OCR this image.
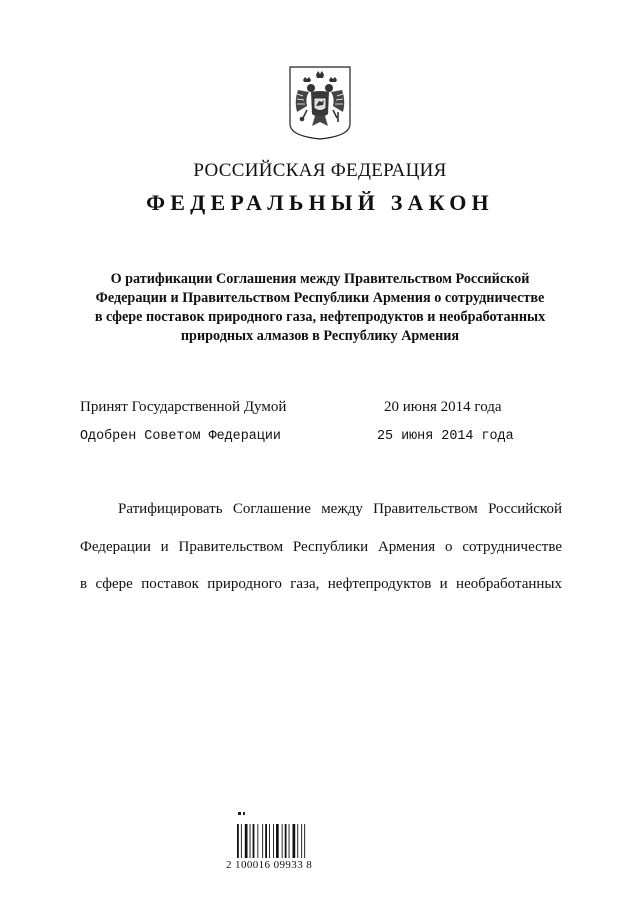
РОССИЙСКАЯ ФЕДЕРАЦИЯ
ФЕДЕРАЛЬНЫЙ ЗАКОН
О ратификации Соглашения между Правительством Российской
Федерации и Правительством Республики Армения о сотрудничестве
в сфере поставок природного газа, нефтепродуктов и необработанных
природных алмазов в Республику Армения
Принят Государственной Думой	20 июня 2014 года
Одобрен Советом Федерации	25 июня 2014 года
Ратифицировать Соглашение между Правительством Российской
Федерации и Правительством Республики Армения о сотрудничестве
в сфере поставок природного газа, нефтепродуктов и необработанных
2 100016 09933 8
